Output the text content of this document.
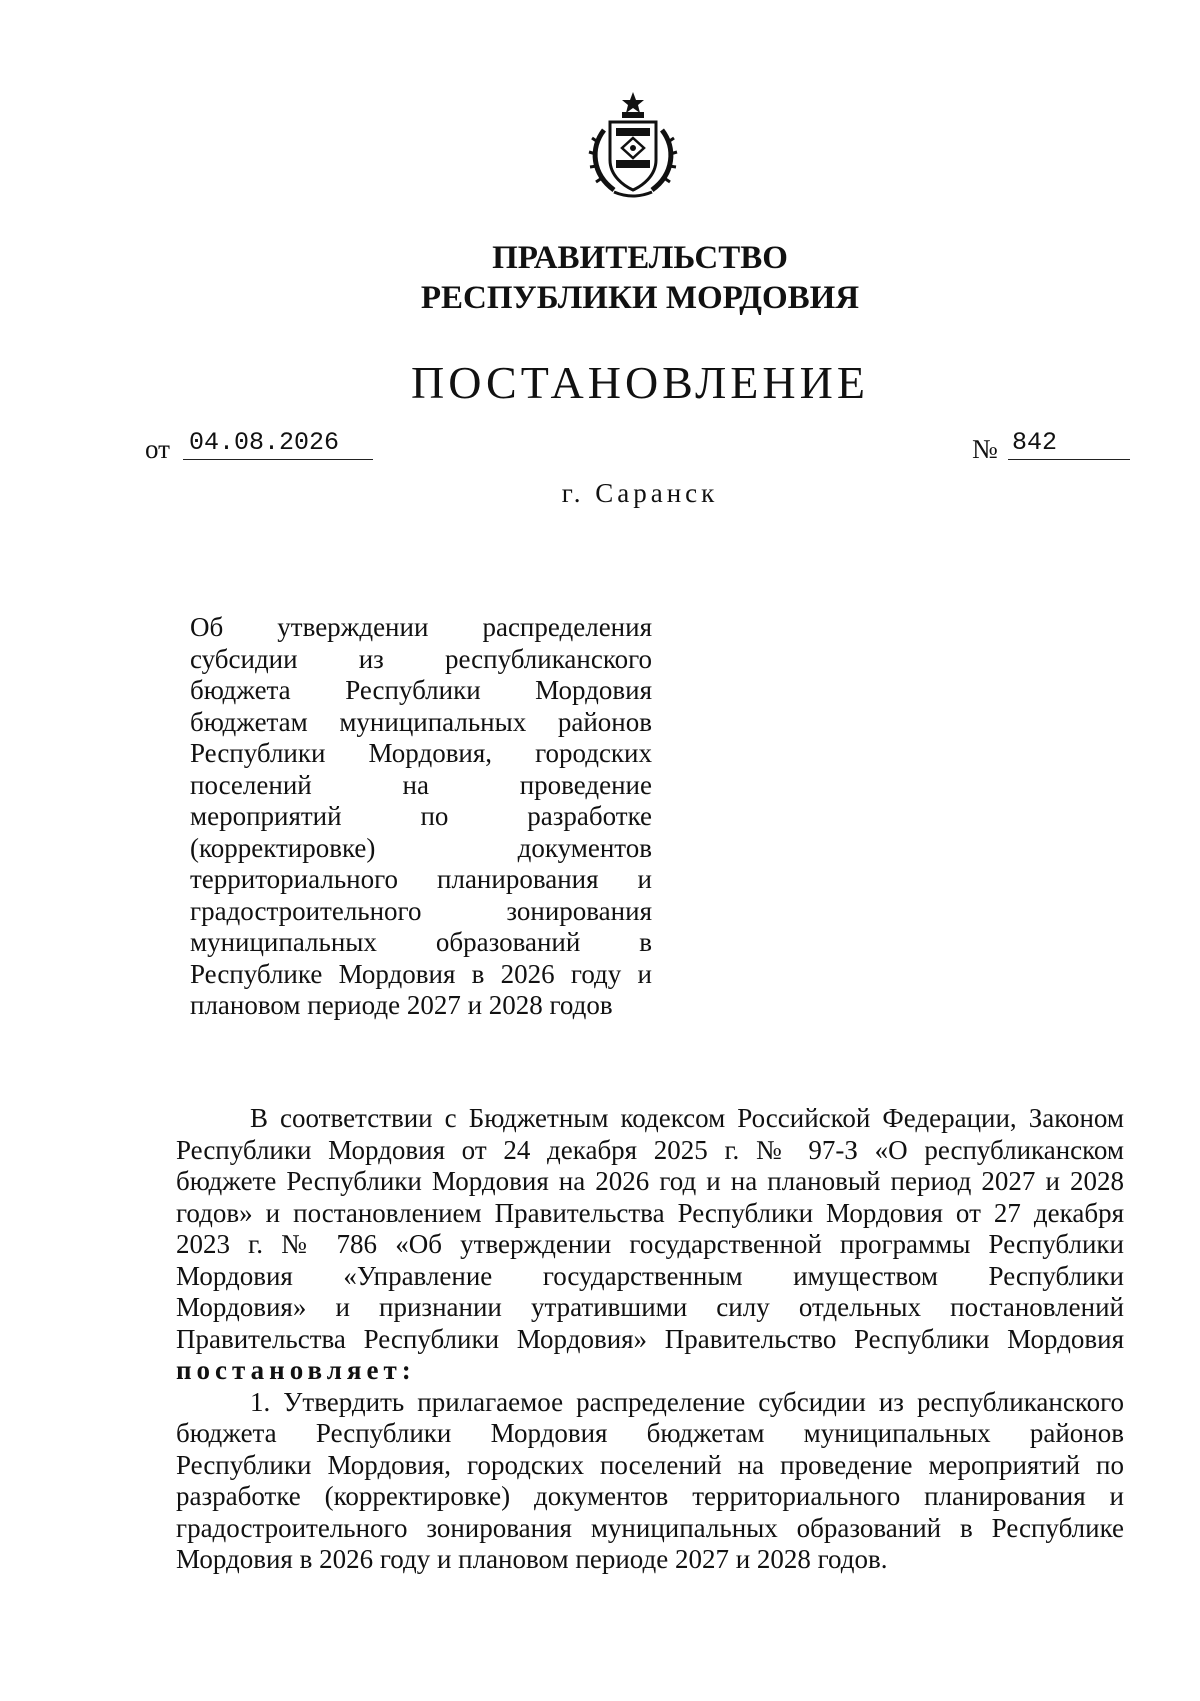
ПРАВИТЕЛЬСТВО
РЕСПУБЛИКИ МОРДОВИЯ
ПОСТАНОВЛЕНИЕ
от 04.08.2026	№ 842
г. Саранск
Об утверждении распределения
субсидии из республиканского
бюджета Республики Мордовия
бюджетам муниципальных районов
Республики Мордовия, городских
поселений на проведение
мероприятий по разработке
(корректировке) документов
территориального планирования и
градостроительного зонирования
муниципальных образований в
Республике Мордовия в 2026 году и
плановом периоде 2027 и 2028 годов
В соответствии с Бюджетным кодексом Российской Федерации, Законом
Республики Мордовия от 24 декабря 2025 г. № 97-З «О республиканском
бюджете Республики Мордовия на 2026 год и на плановый период 2027 и 2028
годов» и постановлением Правительства Республики Мордовия от 27 декабря
2023 г. № 786 «Об утверждении государственной программы Республики
Мордовия «Управление государственным имуществом Республики
Мордовия» и признании утратившими силу отдельных постановлений
Правительства Республики Мордовия» Правительство Республики Мордовия
постановляет:
1. Утвердить прилагаемое распределение субсидии из республиканского
бюджета Республики Мордовия бюджетам муниципальных районов
Республики Мордовия, городских поселений на проведение мероприятий по
разработке (корректировке) документов территориального планирования и
градостроительного зонирования муниципальных образований в Республике
Мордовия в 2026 году и плановом периоде 2027 и 2028 годов.
